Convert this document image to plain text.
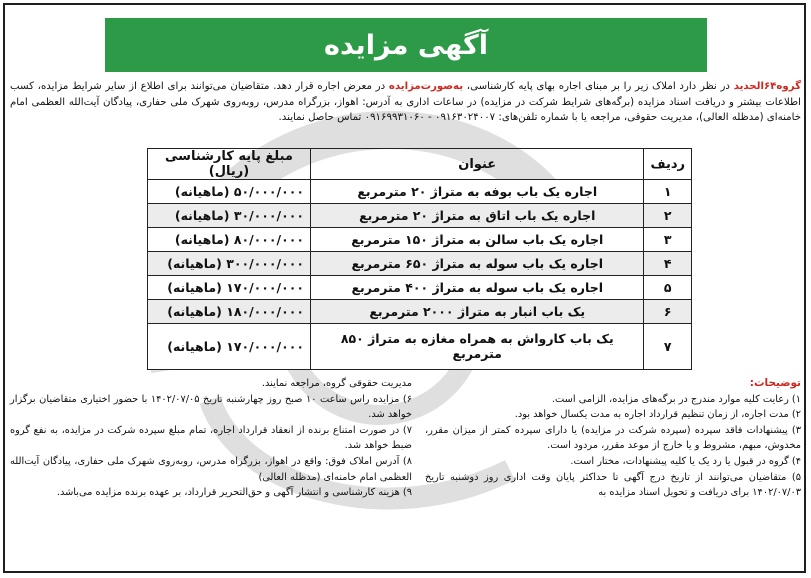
آگهی مزایده
گروه۶۴الحدید در نظر دارد املاک زیر را بر مبنای اجاره بهای پایه کارشناسی، به‌صورت‌مزایده در معرض اجاره قرار دهد. متقاضیان می‌توانند برای اطلاع از سایر شرایط مزایده، کسب اطلاعات بیشتر و دریافت اسناد مزایده (برگه‌های شرایط شرکت در مزایده) در ساعات اداری به آدرس: اهواز، بزرگراه مدرس، روبه‌روی شهرک ملی حفاری، پیادگان آیت‌الله العظمی امام خامنه‌ای (مدظله العالی)، مدیریت حقوقی، مراجعه یا با شماره تلفن‌های: ۰۹۱۶۳۰۲۴۰۰۷ - ۰۹۱۶۹۹۳۱۰۶۰ تماس حاصل نمایند.
ردیف	عنوان	مبلغ پایه کارشناسی (ریال)
۱	اجاره یک باب بوفه به متراژ ۲۰ مترمربع	۵۰/۰۰۰/۰۰۰ (ماهیانه)
۲	اجاره یک باب اتاق به متراژ ۲۰ مترمربع	۳۰/۰۰۰/۰۰۰ (ماهیانه)
۳	اجاره یک باب سالن به متراژ ۱۵۰ مترمربع	۸۰/۰۰۰/۰۰۰ (ماهیانه)
۴	اجاره یک باب سوله به متراژ ۶۵۰ مترمربع	۳۰۰/۰۰۰/۰۰۰ (ماهیانه)
۵	اجاره یک باب سوله به متراژ ۴۰۰ مترمربع	۱۷۰/۰۰۰/۰۰۰ (ماهیانه)
۶	یک باب انبار به متراژ ۲۰۰۰ مترمربع	۱۸۰/۰۰۰/۰۰۰ (ماهیانه)
۷	یک باب کارواش به همراه مغازه به متراژ ۸۵۰ مترمربع	۱۷۰/۰۰۰/۰۰۰ (ماهیانه)
توضیحات:
۱) رعایت کلیه موارد مندرج در برگه‌های مزایده، الزامی است.
۲) مدت اجاره، از زمان تنظیم قرارداد اجاره به مدت یکسال خواهد بود.
۳) پیشنهادات فاقد سپرده (سپرده شرکت در مزایده) یا دارای سپرده کمتر از میزان مقرر، مخدوش، مبهم، مشروط و یا خارج از موعد مقرر، مردود است.
۴) گروه در قبول یا رد یک یا کلیه پیشنهادات، مختار است.
۵) متقاضیان می‌توانند از تاریخ درج آگهی تا حداکثر پایان وقت اداری روز دوشنبه تاریخ ۱۴۰۲/۰۷/۰۳ برای دریافت و تحویل اسناد مزایده به
مدیریت حقوقی گروه، مراجعه نمایند.
۶) مزایده راس ساعت ۱۰ صبح روز چهارشنبه تاریخ ۱۴۰۲/۰۷/۰۵ با حضور اختیاری متقاضیان برگزار خواهد شد.
۷) در صورت امتناع برنده از انعقاد قرارداد اجاره، تمام مبلغ سپرده شرکت در مزایده، به نفع گروه ضبط خواهد شد.
۸) آدرس املاک فوق: واقع در اهواز، بزرگراه مدرس، روبه‌روی شهرک ملی حفاری، پیادگان آیت‌الله العظمی امام خامنه‌ای (مدظله العالی)
۹) هزینه کارشناسی و انتشار آگهی و حق‌التحریر قرارداد، بر عهده برنده مزایده می‌باشد.
